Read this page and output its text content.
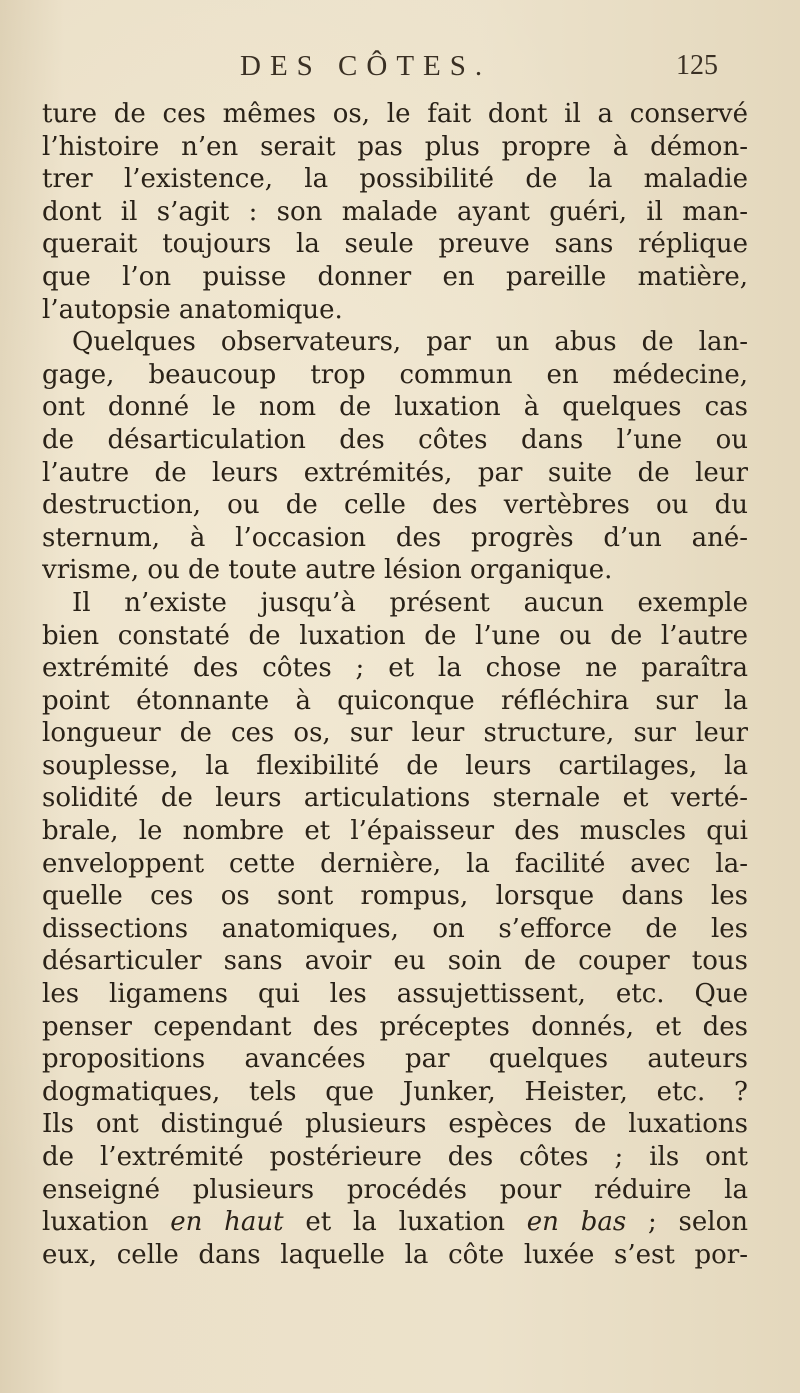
DES CÔTES.	125
ture de ces mêmes os, le fait dont il a conservé
l’histoire n’en serait pas plus propre à démon-
trer l’existence, la possibilité de la maladie
dont il s’agit : son malade ayant guéri, il man-
querait toujours la seule preuve sans réplique
que l’on puisse donner en pareille matière,
l’autopsie anatomique.
Quelques observateurs, par un abus de lan-
gage, beaucoup trop commun en médecine,
ont donné le nom de luxation à quelques cas
de désarticulation des côtes dans l’une ou
l’autre de leurs extrémités, par suite de leur
destruction, ou de celle des vertèbres ou du
sternum, à l’occasion des progrès d’un ané-
vrisme, ou de toute autre lésion organique.
Il n’existe jusqu’à présent aucun exemple
bien constaté de luxation de l’une ou de l’autre
extrémité des côtes ; et la chose ne paraîtra
point étonnante à quiconque réfléchira sur la
longueur de ces os, sur leur structure, sur leur
souplesse, la flexibilité de leurs cartilages, la
solidité de leurs articulations sternale et verté-
brale, le nombre et l’épaisseur des muscles qui
enveloppent cette dernière, la facilité avec la-
quelle ces os sont rompus, lorsque dans les
dissections anatomiques, on s’efforce de les
désarticuler sans avoir eu soin de couper tous
les ligamens qui les assujettissent, etc. Que
penser cependant des préceptes donnés, et des
propositions avancées par quelques auteurs
dogmatiques, tels que Junker, Heister, etc. ?
Ils ont distingué plusieurs espèces de luxations
de l’extrémité postérieure des côtes ; ils ont
enseigné plusieurs procédés pour réduire la
luxation en haut et la luxation en bas ; selon
eux, celle dans laquelle la côte luxée s’est por-
